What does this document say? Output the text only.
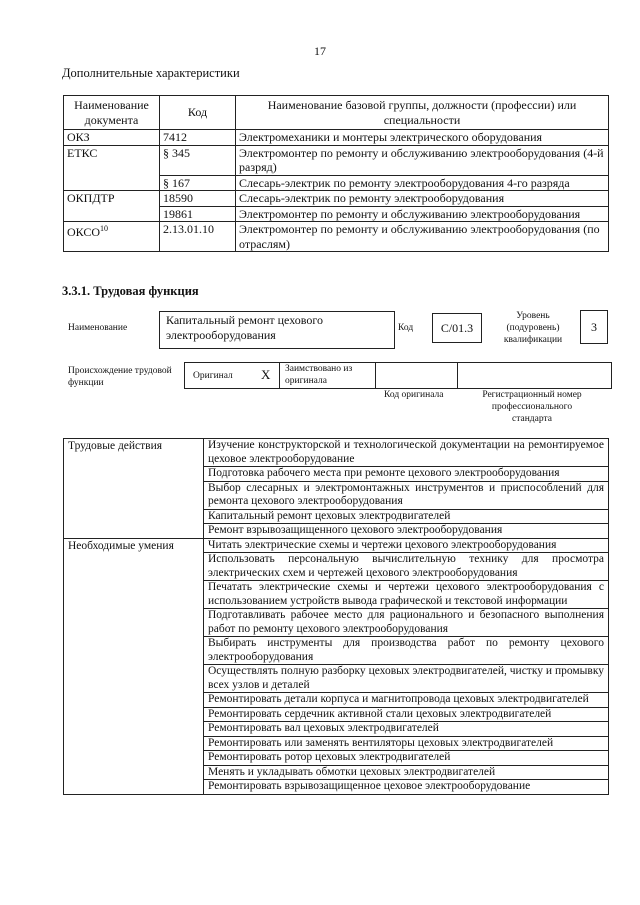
17
Дополнительные характеристики
Наименование документа	Код	Наименование базовой группы, должности (профессии) или специальности
ОКЗ	7412	Электромеханики и монтеры электрического оборудования
ЕТКС	§ 345	Электромонтер по ремонту и обслуживанию электрооборудования (4-й разряд)
	§ 167	Слесарь-электрик по ремонту электрооборудования 4-го разряда
ОКПДТР	18590	Слесарь-электрик по ремонту электрооборудования
	19861	Электромонтер по ремонту и обслуживанию электрооборудования
ОКСО$^{10}$	2.13.01.10	Электромонтер по ремонту и обслуживанию электрооборудования (по отраслям)
3.3.1. Трудовая функция
Наименование
Капитальный ремонт цехового электрооборудования	Код	C/01.3
Уровень (подуровень) квалификации
3
Происхождение трудовой функции
Оригинал X Заимствовано из оригинала
Код оригинала	Регистрационный номер профессионального стандарта
Трудовые действия	Изучение конструкторской и технологической документации на ремонтируемое цеховое электрооборудование
	Подготовка рабочего места при ремонте цехового электрооборудования
	Выбор слесарных и электромонтажных инструментов и приспособлений для ремонта цехового электрооборудования
	Капитальный ремонт цеховых электродвигателей
	Ремонт взрывозащищенного цехового электрооборудования
Необходимые умения	Читать электрические схемы и чертежи цехового электрооборудования
	Использовать персональную вычислительную технику для просмотра электрических схем и чертежей цехового электрооборудования
	Печатать электрические схемы и чертежи цехового электрооборудования с использованием устройств вывода графической и текстовой информации
	Подготавливать рабочее место для рационального и безопасного выполнения работ по ремонту цехового электрооборудования
	Выбирать инструменты для производства работ по ремонту цехового электрооборудования
	Осуществлять полную разборку цеховых электродвигателей, чистку и промывку всех узлов и деталей
	Ремонтировать детали корпуса и магнитопровода цеховых электродвигателей
	Ремонтировать сердечник активной стали цеховых электродвигателей
	Ремонтировать вал цеховых электродвигателей
	Ремонтировать или заменять вентиляторы цеховых электродвигателей
	Ремонтировать ротор цеховых электродвигателей
	Менять и укладывать обмотки цеховых электродвигателей
	Ремонтировать взрывозащищенное цеховое электрооборудование
